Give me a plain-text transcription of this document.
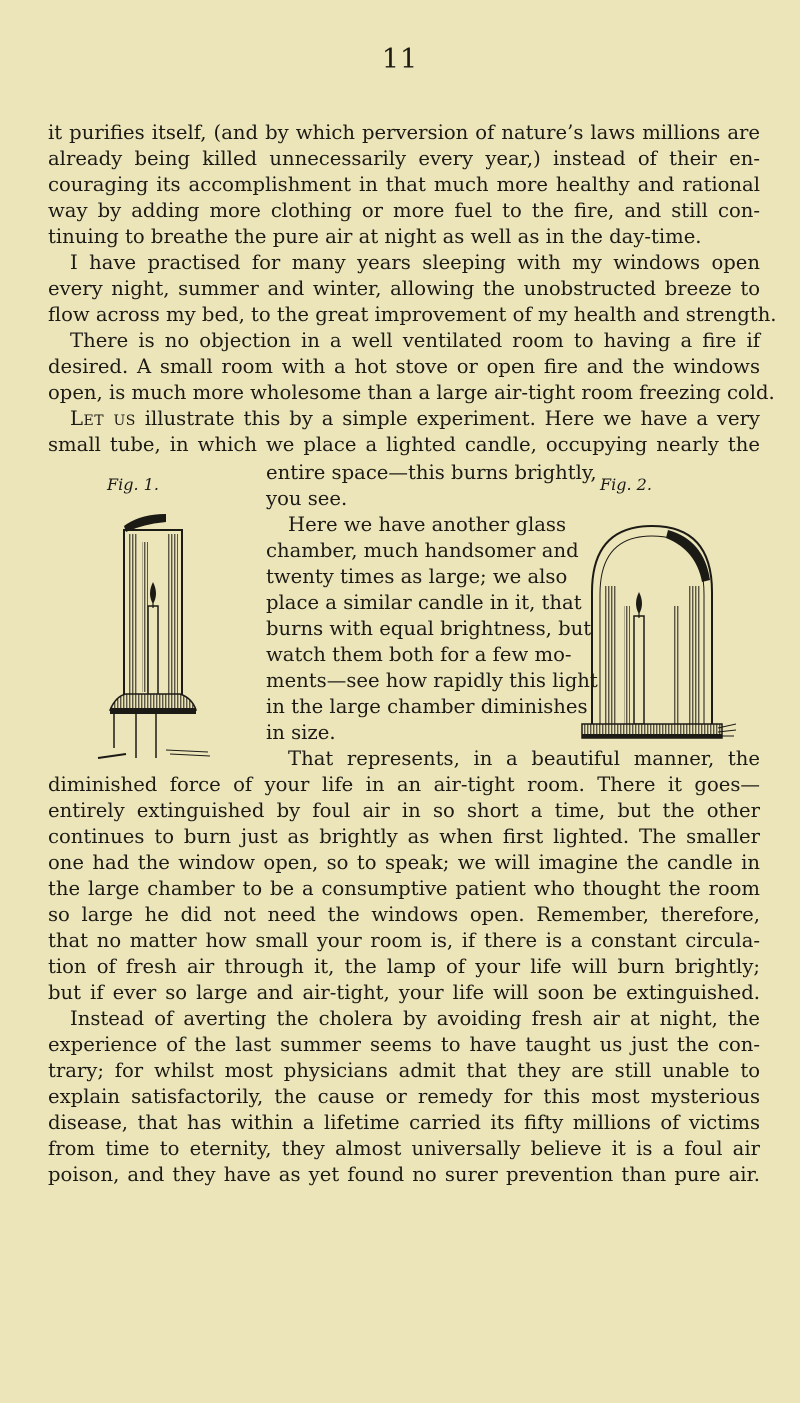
11
it purifies itself, (and by which perversion of nature’s laws millions are
already being killed unnecessarily every year,) instead of their en-
couraging its accomplishment in that much more healthy and rational
way by adding more clothing or more fuel to the fire, and still con-
tinuing to breathe the pure air at night as well as in the day-time.
I have practised for many years sleeping with my windows open
every night, summer and winter, allowing the unobstructed breeze to
flow across my bed, to the great improvement of my health and strength.
There is no objection in a well ventilated room to having a fire if
desired. A small room with a hot stove or open fire and the windows
open, is much more wholesome than a large air-tight room freezing cold.
Let us illustrate this by a simple experiment. Here we have a very
small tube, in which we place a lighted candle, occupying nearly the
Fig. 1.	Fig. 2.
entire space—this burns brightly,
you see.
Here we have another glass
chamber, much handsomer and
twenty times as large; we also
place a similar candle in it, that
burns with equal brightness, but
watch them both for a few mo-
ments—see how rapidly this light
in the large chamber diminishes
in size.
That represents, in a beautiful manner, the
diminished force of your life in an air-tight room. There it goes—
entirely extinguished by foul air in so short a time, but the other
continues to burn just as brightly as when first lighted. The smaller
one had the window open, so to speak; we will imagine the candle in
the large chamber to be a consumptive patient who thought the room
so large he did not need the windows open. Remember, therefore,
that no matter how small your room is, if there is a constant circula-
tion of fresh air through it, the lamp of your life will burn brightly;
but if ever so large and air-tight, your life will soon be extinguished.
Instead of averting the cholera by avoiding fresh air at night, the
experience of the last summer seems to have taught us just the con-
trary; for whilst most physicians admit that they are still unable to
explain satisfactorily, the cause or remedy for this most mysterious
disease, that has within a lifetime carried its fifty millions of victims
from time to eternity, they almost universally believe it is a foul air
poison, and they have as yet found no surer prevention than pure air.
